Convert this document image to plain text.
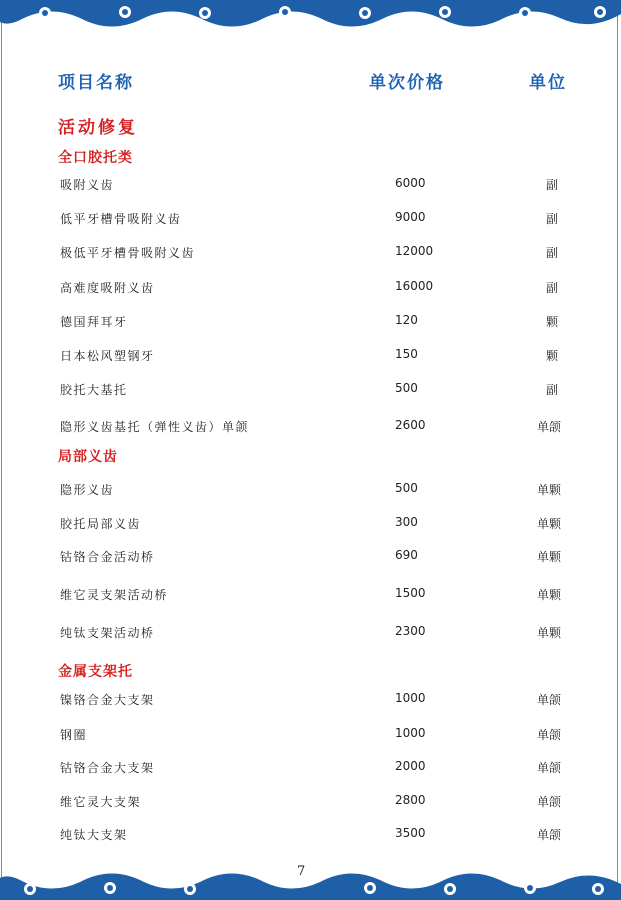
项目名称	单次价格	单位
活动修复
全口胶托类
吸附义齿	6000	副
低平牙槽骨吸附义齿	9000	副
极低平牙槽骨吸附义齿	12000	副
高难度吸附义齿	16000	副
德国拜耳牙	120	颗
日本松风塑钢牙	150	颗
胶托大基托	500	副
隐形义齿基托（弹性义齿）单颌	2600	单颌
局部义齿
隐形义齿	500	单颗
胶托局部义齿	300	单颗
钴铬合金活动桥	690	单颗
维它灵支架活动桥	1500	单颗
纯钛支架活动桥	2300	单颗
金属支架托
镍铬合金大支架	1000	单颌
钢圈	1000	单颌
钴铬合金大支架	2000	单颌
维它灵大支架	2800	单颌
纯钛大支架	3500	单颌
7
